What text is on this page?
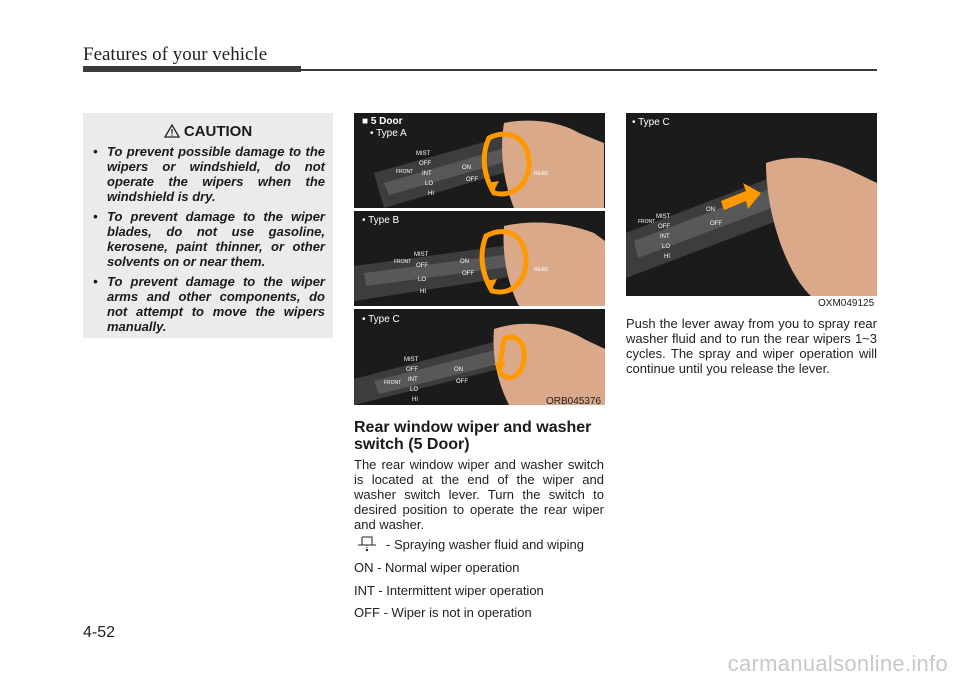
Features of your vehicle
CAUTION
• To prevent possible damage to the wipers or windshield, do not operate the wipers when the windshield is dry.
• To prevent damage to the wiper blades, do not use gasoline, kerosene, paint thinner, or other solvents on or near them.
• To prevent damage to the wiper arms and other components, do not attempt to move the wipers manually.
MIST
OFF
INT
LO
HI
ON
OFF
FRONT	REAR
■ 5 Door
• Type A
MIST
OFF
LO
HI
ON
OFF
FRONT
REAR
• Type B
MIST
OFF
INT
LO
HI
ON
OFF
FRONT
• Type C
ORB045376
MIST
OFF
INT
LO
HI
ON
OFF
FRONT
• Type C
OXM049125
Push the lever away from you to spray rear washer fluid and to run the rear wipers 1~3 cycles. The spray and wiper operation will continue until you release the lever.
Rear window wiper and washer switch (5 Door)
The rear window wiper and washer switch is located at the end of the wiper and washer switch lever. Turn the switch to desired position to operate the rear wiper and washer.
- Spraying washer fluid and wiping
ON - Normal wiper operation
INT - Intermittent wiper operation
OFF - Wiper is not in operation
4-52
carmanualsonline.info
